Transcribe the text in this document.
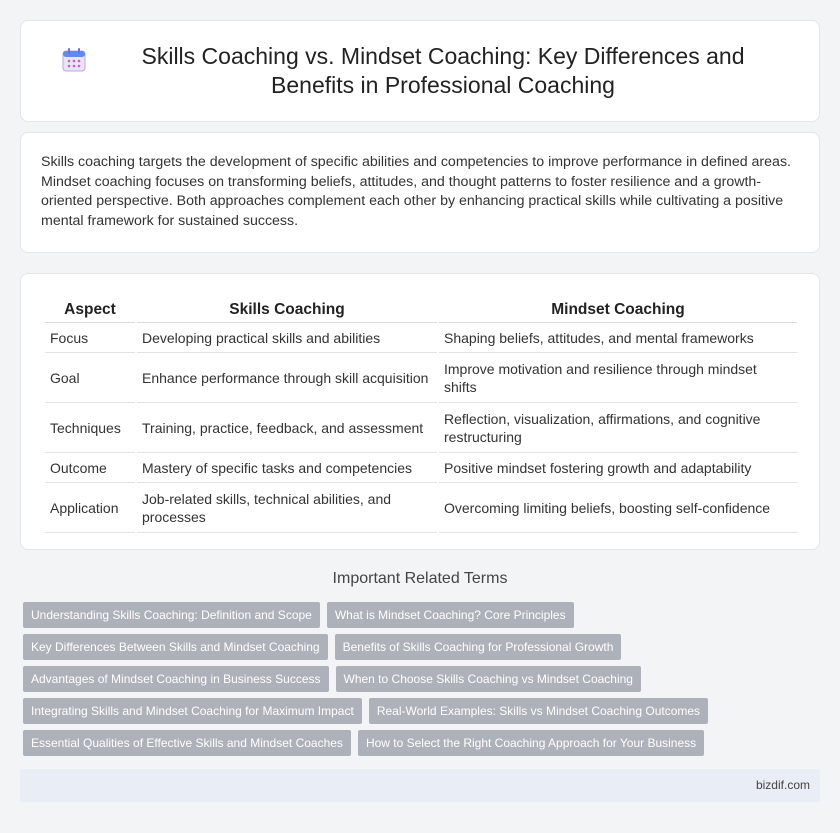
Skills Coaching vs. Mindset Coaching: Key Differences and Benefits in Professional Coaching

Skills coaching targets the development of specific abilities and competencies to improve performance in defined areas. Mindset coaching focuses on transforming beliefs, attitudes, and thought patterns to foster resilience and a growth-oriented perspective. Both approaches complement each other by enhancing practical skills while cultivating a positive mental framework for sustained success.

Aspect	Skills Coaching	Mindset Coaching
Focus	Developing practical skills and abilities	Shaping beliefs, attitudes, and mental frameworks
Goal	Enhance performance through skill acquisition	Improve motivation and resilience through mindset shifts
Techniques	Training, practice, feedback, and assessment	Reflection, visualization, affirmations, and cognitive restructuring
Outcome	Mastery of specific tasks and competencies	Positive mindset fostering growth and adaptability
Application	Job-related skills, technical abilities, and processes	Overcoming limiting beliefs, boosting self-confidence
Important Related Terms
Understanding Skills Coaching: Definition and Scope	What is Mindset Coaching? Core Principles
Key Differences Between Skills and Mindset Coaching	Benefits of Skills Coaching for Professional Growth
Advantages of Mindset Coaching in Business Success	When to Choose Skills Coaching vs Mindset Coaching
Integrating Skills and Mindset Coaching for Maximum Impact	Real-World Examples: Skills vs Mindset Coaching Outcomes
Essential Qualities of Effective Skills and Mindset Coaches	How to Select the Right Coaching Approach for Your Business
bizdif.com
